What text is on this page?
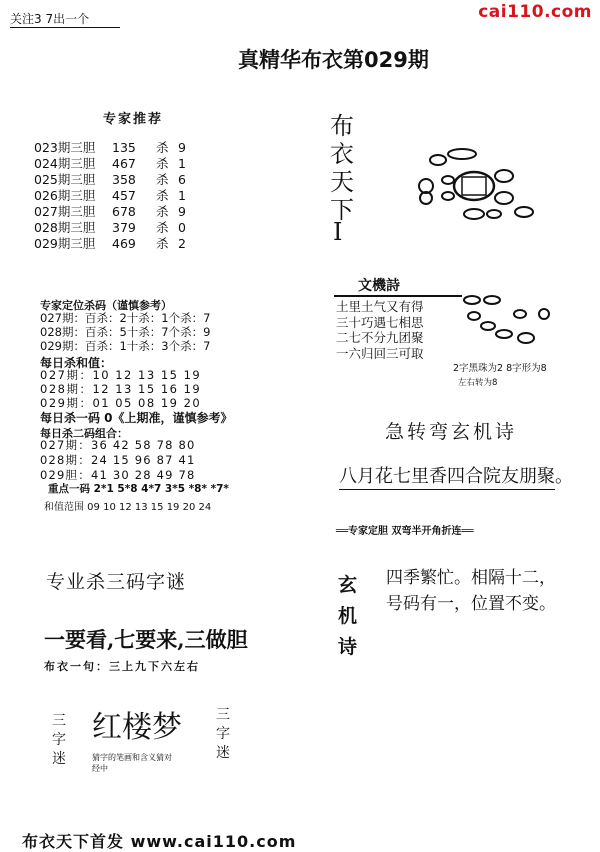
关注3 7出一个	cai110.com
真精华布衣第029期
专家推荐
023期三胆 135 杀 9
024期三胆 467 杀 1
025期三胆 358 杀 6
026期三胆 457 杀 1
027期三胆 678 杀 9
028期三胆 379 杀 0
029期三胆 469 杀 2
专家定位杀码（谨慎参考）
027期：百杀：2十杀：1个杀：7
028期：百杀：5十杀：7个杀：9
029期：百杀：1十杀：3个杀：7
每日杀和值：
027期：10 12 13 15 19
028期：12 13 15 16 19
029期：01 05 08 19 20
每日杀一码 0《上期准，谨慎参考》
每日杀二码组合：
027期：36 42 58 78 80
028期：24 15 96 87 41
029胆：41 30 28 49 78
重点一码 2*1 5*8 4*7 3*5 *8* *7*
和值范围 09 10 12 13 15 19 20 24
专业杀三码字谜
一要看,七要来,三做胆
布衣一句：三上九下六左右
三字迷
三字迷
红楼梦
猜字的笔画和含义猜对经中
布衣天下
I
文機詩
土里土气又有得
三十巧遇七相思
二七不分九团聚
一六归回三可取
2字黑珠为2 8字形为8
左右转为8
急转弯玄机诗
八月花七里香四合院友朋聚。
══专家定胆 双弯半开角折连══
玄机诗
四季繁忙。相隔十二，
号码有一，位置不变。
布衣天下首发 www.cai110.com
